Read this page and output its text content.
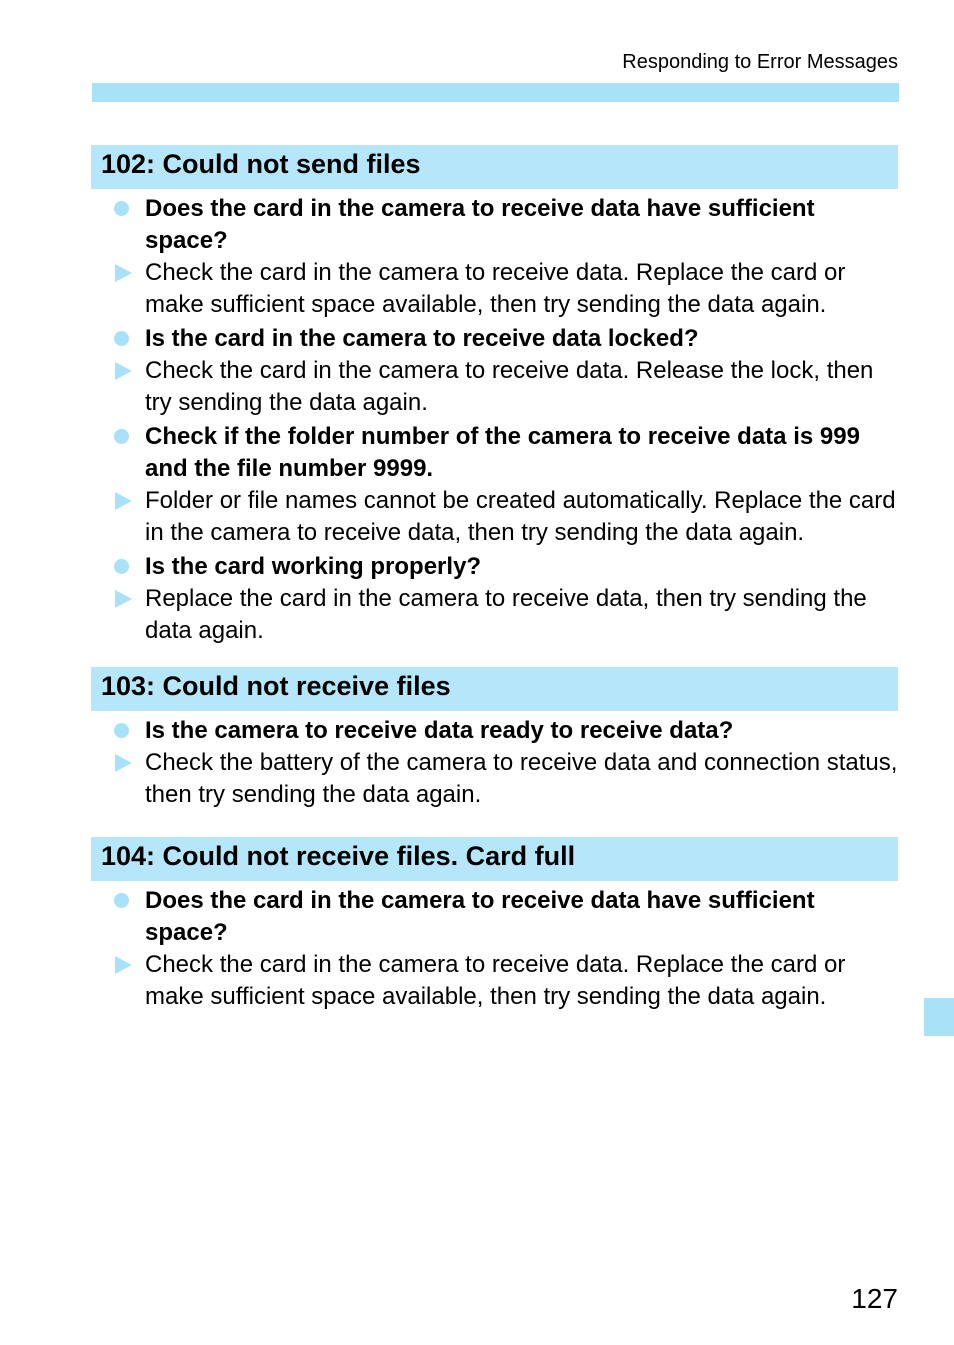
Responding to Error Messages
102: Could not send files
Does the card in the camera to receive data have sufficient space?
Check the card in the camera to receive data. Replace the card or make sufficient space available, then try sending the data again.
Is the card in the camera to receive data locked?
Check the card in the camera to receive data. Release the lock, then try sending the data again.
Check if the folder number of the camera to receive data is 999 and the file number 9999.
Folder or file names cannot be created automatically. Replace the card in the camera to receive data, then try sending the data again.
Is the card working properly?
Replace the card in the camera to receive data, then try sending the data again.
103: Could not receive files
Is the camera to receive data ready to receive data?
Check the battery of the camera to receive data and connection status, then try sending the data again.
104: Could not receive files. Card full
Does the card in the camera to receive data have sufficient space?
Check the card in the camera to receive data. Replace the card or make sufficient space available, then try sending the data again.
127
